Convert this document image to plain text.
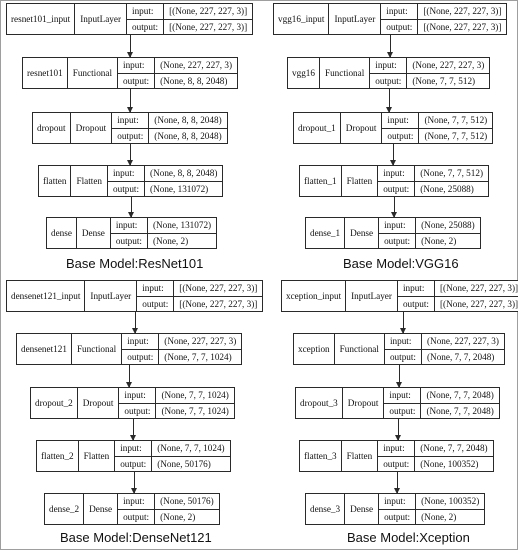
resnet101_input	InputLayer
input:
output:
[(None, 227, 227, 3)]
[(None, 227, 227, 3)]
resnet101	Functional
input:
output:
(None, 227, 227, 3)
(None, 8, 8, 2048)
dropout	Dropout
input:
output:
(None, 8, 8, 2048)
(None, 8, 8, 2048)
flatten	Flatten
input:
output:
(None, 8, 8, 2048)
(None, 131072)
dense	Dense
input:
output:
(None, 131072)
(None, 2)
Base Model:ResNet101
vgg16_input	InputLayer
input:
output:
[(None, 227, 227, 3)]
[(None, 227, 227, 3)]
vgg16	Functional
input:
output:
(None, 227, 227, 3)
(None, 7, 7, 512)
dropout_1	Dropout
input:
output:
(None, 7, 7, 512)
(None, 7, 7, 512)
flatten_1	Flatten
input:
output:
(None, 7, 7, 512)
(None, 25088)
dense_1	Dense
input:
output:
(None, 25088)
(None, 2)
Base Model:VGG16
densenet121_input	InputLayer
input:
output:
[(None, 227, 227, 3)]
[(None, 227, 227, 3)]
densenet121	Functional
input:
output:
(None, 227, 227, 3)
(None, 7, 7, 1024)
dropout_2	Dropout
input:
output:
(None, 7, 7, 1024)
(None, 7, 7, 1024)
flatten_2	Flatten
input:
output:
(None, 7, 7, 1024)
(None, 50176)
dense_2	Dense
input:
output:
(None, 50176)
(None, 2)
Base Model:DenseNet121
xception_input	InputLayer
input:
output:
[(None, 227, 227, 3)]
[(None, 227, 227, 3)]
xception	Functional
input:
output:
(None, 227, 227, 3)
(None, 7, 7, 2048)
dropout_3	Dropout
input:
output:
(None, 7, 7, 2048)
(None, 7, 7, 2048)
flatten_3	Flatten
input:
output:
(None, 7, 7, 2048)
(None, 100352)
dense_3	Dense
input:
output:
(None, 100352)
(None, 2)
Base Model:Xception
